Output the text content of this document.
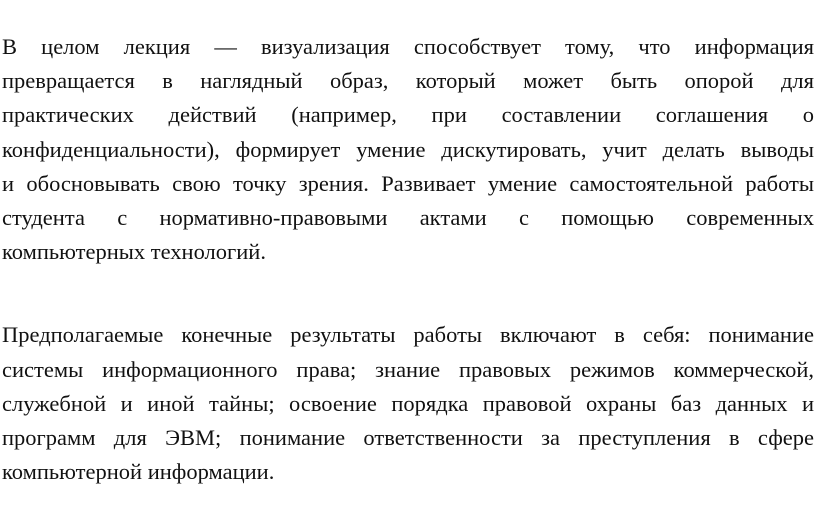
В целом лекция — визуализация способствует тому, что информация
превращается в наглядный образ, который может быть опорой для
практических действий (например, при составлении соглашения о
конфиденциальности), формирует умение дискутировать, учит делать выводы
и обосновывать свою точку зрения. Развивает умение самостоятельной работы
студента с нормативно-правовыми актами с помощью современных
компьютерных технологий.
Предполагаемые конечные результаты работы включают в себя: понимание
системы информационного права; знание правовых режимов коммерческой,
служебной и иной тайны; освоение порядка правовой охраны баз данных и
программ для ЭВМ; понимание ответственности за преступления в сфере
компьютерной информации.
